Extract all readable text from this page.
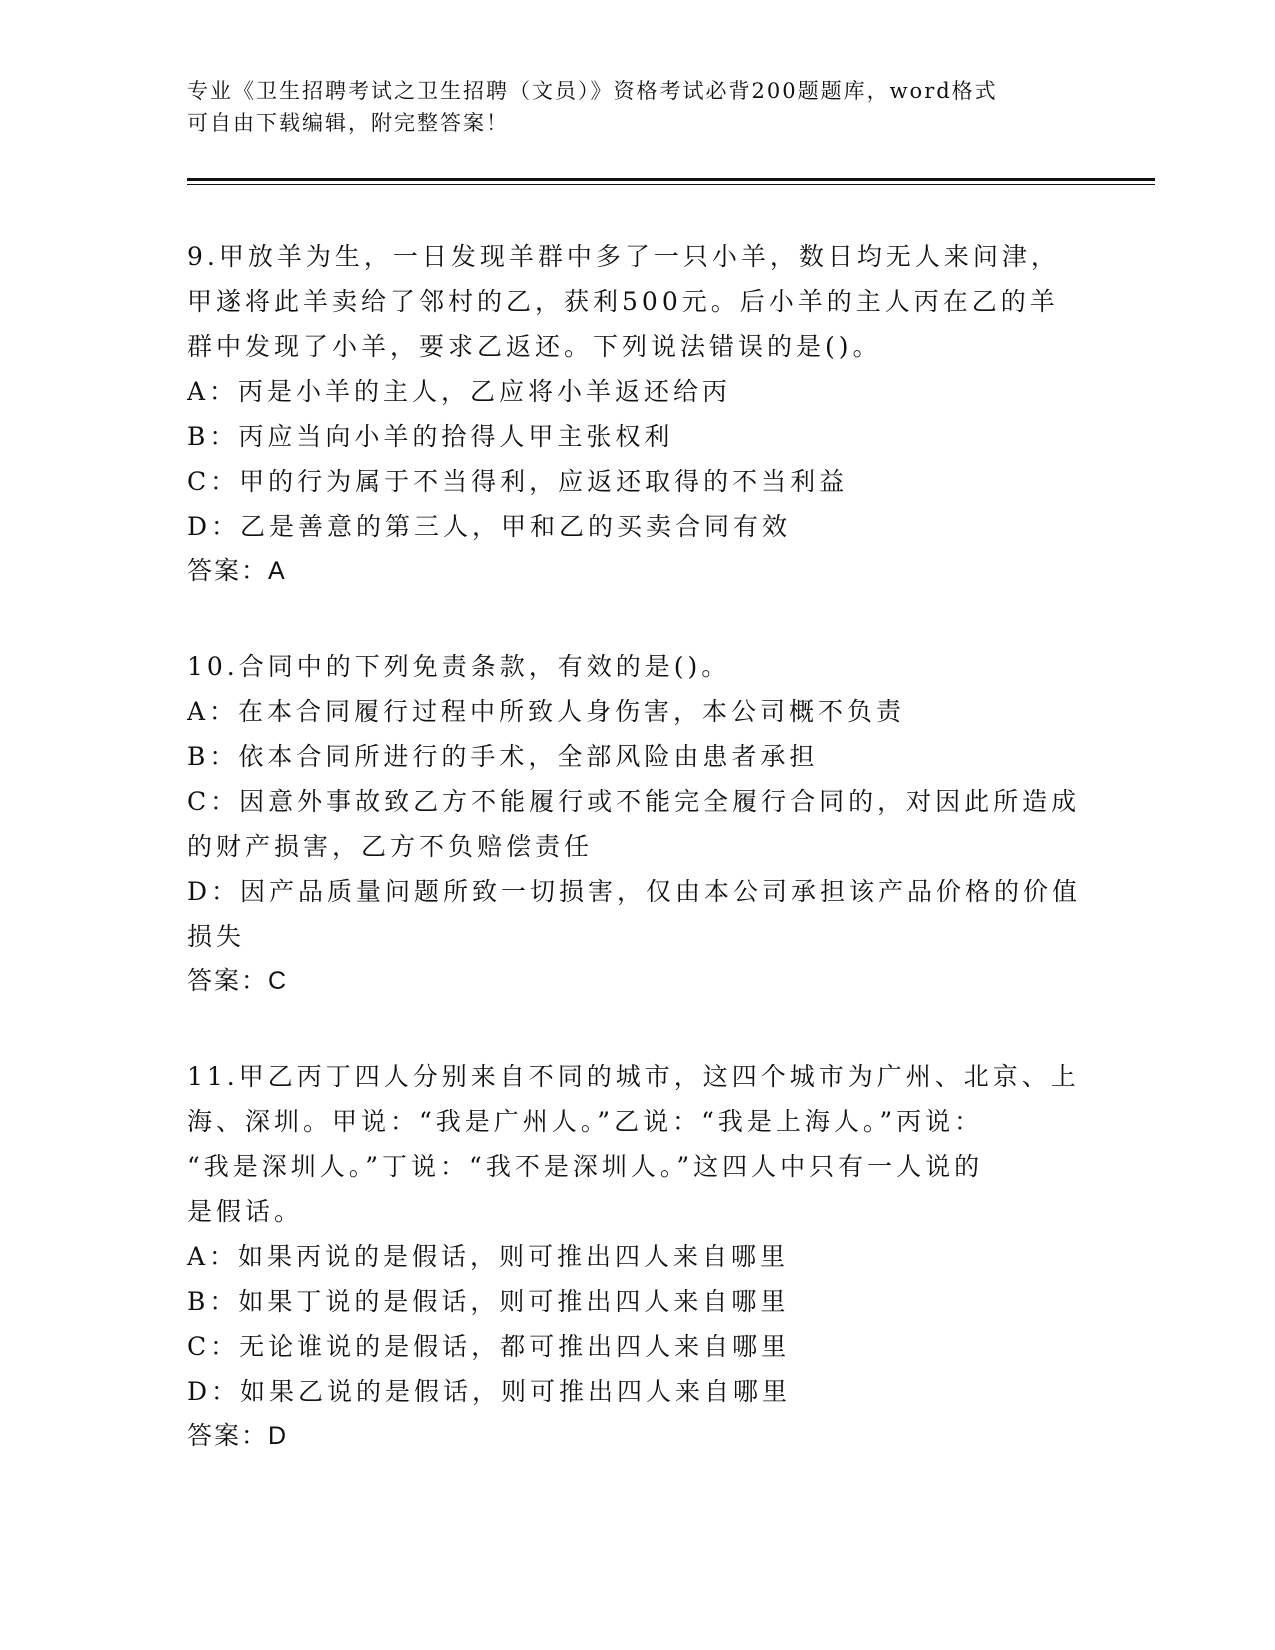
专业《卫生招聘考试之卫生招聘（文员）》资格考试必背200题题库，word格式
可自由下载编辑，附完整答案！
9.甲放羊为生，一日发现羊群中多了一只小羊，数日均无人来问津，
甲遂将此羊卖给了邻村的乙，获利500元。后小羊的主人丙在乙的羊
群中发现了小羊，要求乙返还。下列说法错误的是()。
A：丙是小羊的主人，乙应将小羊返还给丙
B：丙应当向小羊的拾得人甲主张权利
C：甲的行为属于不当得利，应返还取得的不当利益
D：乙是善意的第三人，甲和乙的买卖合同有效
答案：A
10.合同中的下列免责条款，有效的是()。
A：在本合同履行过程中所致人身伤害，本公司概不负责
B：依本合同所进行的手术，全部风险由患者承担
C：因意外事故致乙方不能履行或不能完全履行合同的，对因此所造成
的财产损害，乙方不负赔偿责任
D：因产品质量问题所致一切损害，仅由本公司承担该产品价格的价值
损失
答案：C
11.甲乙丙丁四人分别来自不同的城市，这四个城市为广州、北京、上
海、深圳。甲说：“我是广州人。”乙说：“我是上海人。”丙说：
“我是深圳人。”丁说：“我不是深圳人。”这四人中只有一人说的
是假话。
A：如果丙说的是假话，则可推出四人来自哪里
B：如果丁说的是假话，则可推出四人来自哪里
C：无论谁说的是假话，都可推出四人来自哪里
D：如果乙说的是假话，则可推出四人来自哪里
答案：D
